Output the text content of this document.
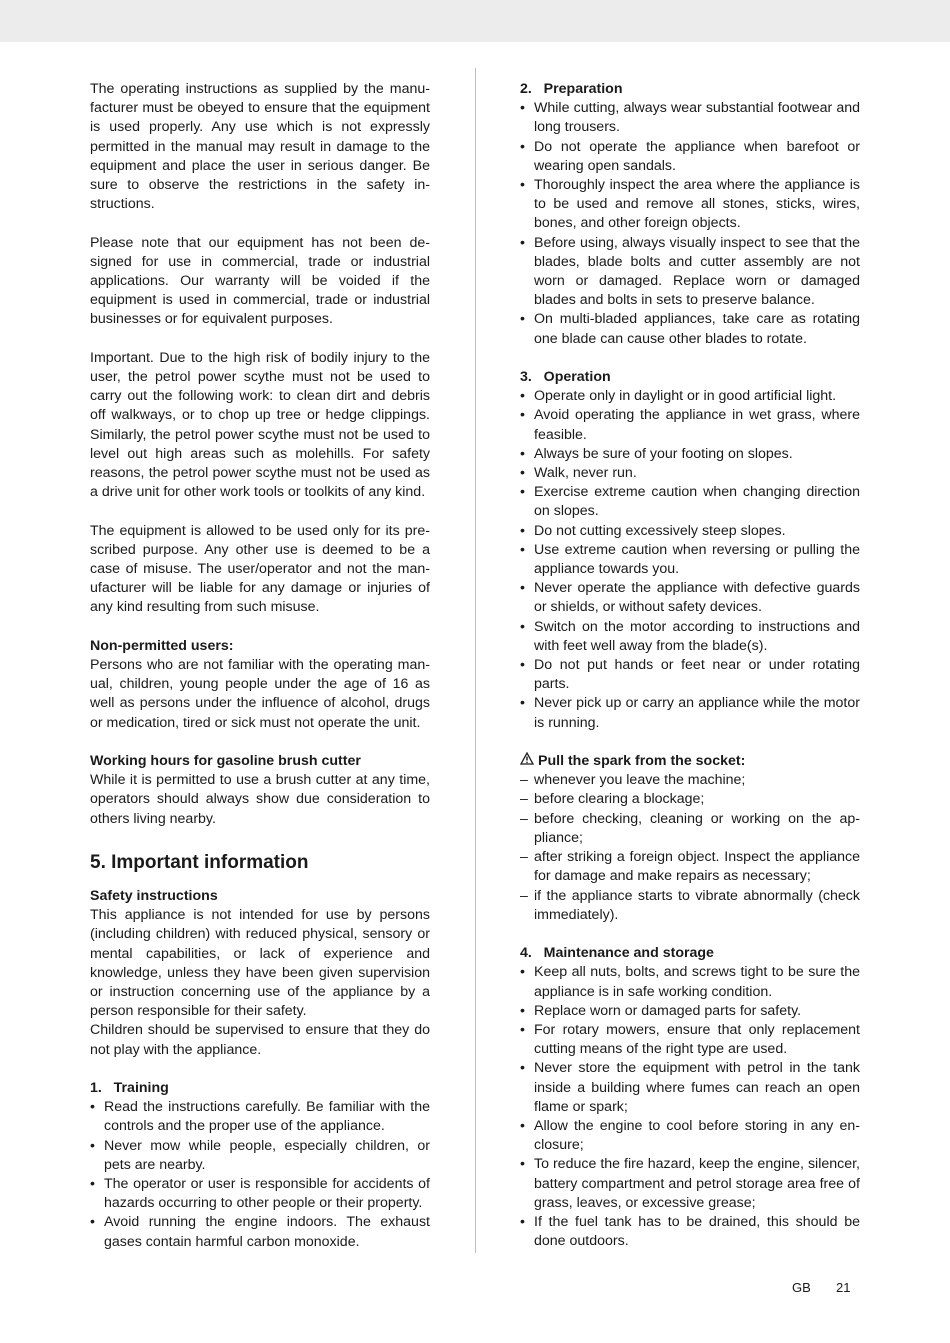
The operating instructions as supplied by the manufacturer must be obeyed to ensure that the equipment is used properly. Any use which is not expressly permitted in the manual may result in damage to the equipment and place the user in serious danger. Be sure to observe the restrictions in the safety instructions.

Please note that our equipment has not been designed for use in commercial, trade or industrial applications. Our warranty will be voided if the equipment is used in commercial, trade or industrial businesses or for equivalent purposes.

Important. Due to the high risk of bodily injury to the user, the petrol power scythe must not be used to carry out the following work: to clean dirt and debris off walkways, or to chop up tree or hedge clippings. Similarly, the petrol power scythe must not be used to level out high areas such as molehills. For safety reasons, the petrol power scythe must not be used as a drive unit for other work tools or toolkits of any kind.

The equipment is allowed to be used only for its prescribed purpose. Any other use is deemed to be a case of misuse. The user/operator and not the manufacturer will be liable for any damage or injuries of any kind resulting from such misuse.

Non-permitted users:

Persons who are not familiar with the operating manual, children, young people under the age of 16 as well as persons under the influence of alcohol, drugs or medication, tired or sick must not operate the unit.

Working hours for gasoline brush cutter

While it is permitted to use a brush cutter at any time, operators should always show due consideration to others living nearby.

5. Important information

Safety instructions

This appliance is not intended for use by persons (including children) with reduced physical, sensory or mental capabilities, or lack of experience and knowledge, unless they have been given supervision or instruction concerning use of the appliance by a person responsible for their safety.

Children should be supervised to ensure that they do not play with the appliance.

1.   Training

• Read the instructions carefully. Be familiar with the controls and the proper use of the appliance.
• Never mow while people, especially children, or pets are nearby.
• The operator or user is responsible for accidents of hazards occurring to other people or their property.
• Avoid running the engine indoors. The exhaust gases contain harmful carbon monoxide.

2.   Preparation

• While cutting, always wear substantial footwear and long trousers.
• Do not operate the appliance when barefoot or wearing open sandals.
• Thoroughly inspect the area where the appliance is to be used and remove all stones, sticks, wires, bones, and other foreign objects.
• Before using, always visually inspect to see that the blades, blade bolts and cutter assembly are not worn or damaged. Replace worn or damaged blades and bolts in sets to preserve balance.
• On multi-bladed appliances, take care as rotating one blade can cause other blades to rotate.

3.   Operation

• Operate only in daylight or in good artificial light.
• Avoid operating the appliance in wet grass, where feasible.
• Always be sure of your footing on slopes.
• Walk, never run.
• Exercise extreme caution when changing direction on slopes.
• Do not cutting excessively steep slopes.
• Use extreme caution when reversing or pulling the appliance towards you.
• Never operate the appliance with defective guards or shields, or without safety devices.
• Switch on the motor according to instructions and with feet well away from the blade(s).
• Do not put hands or feet near or under rotating parts.
• Never pick up or carry an appliance while the motor is running.

Pull the spark from the socket:

– whenever you leave the machine;
– before clearing a blockage;
– before checking, cleaning or working on the appliance;
– after striking a foreign object. Inspect the appliance for damage and make repairs as necessary;
– if the appliance starts to vibrate abnormally (check immediately).

4.   Maintenance and storage

• Keep all nuts, bolts, and screws tight to be sure the appliance is in safe working condition.
• Replace worn or damaged parts for safety.
• For rotary mowers, ensure that only replacement cutting means of the right type are used.
• Never store the equipment with petrol in the tank inside a building where fumes can reach an open flame or spark;
• Allow the engine to cool before storing in any enclosure;
• To reduce the fire hazard, keep the engine, silencer, battery compartment and petrol storage area free of grass, leaves, or excessive grease;
• If the fuel tank has to be drained, this should be done outdoors.
GB 21
